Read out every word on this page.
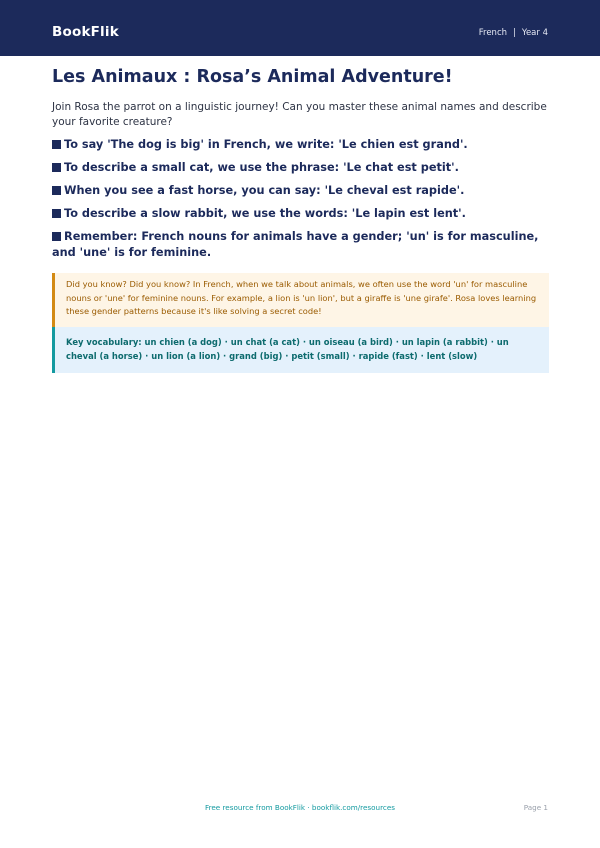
BookFlik	French | Year 4
Les Animaux : Rosa’s Animal Adventure!

Join Rosa the parrot on a linguistic journey! Can you master these animal names and describe your favorite creature?

To say 'The dog is big' in French, we write: 'Le chien est grand'.
To describe a small cat, we use the phrase: 'Le chat est petit'.
When you see a fast horse, you can say: 'Le cheval est rapide'.
To describe a slow rabbit, we use the words: 'Le lapin est lent'.
Remember: French nouns for animals have a gender; 'un' is for masculine, and 'une' is for feminine.
Did you know? Did you know? In French, when we talk about animals, we often use the word 'un' for masculine nouns or 'une' for feminine nouns. For example, a lion is 'un lion', but a giraffe is 'une girafe'. Rosa loves learning these gender patterns because it's like solving a secret code!
Key vocabulary: un chien (a dog) · un chat (a cat) · un oiseau (a bird) · un lapin (a rabbit) · un cheval (a horse) · un lion (a lion) · grand (big) · petit (small) · rapide (fast) · lent (slow)
Free resource from BookFlik · bookflik.com/resources	Page 1
